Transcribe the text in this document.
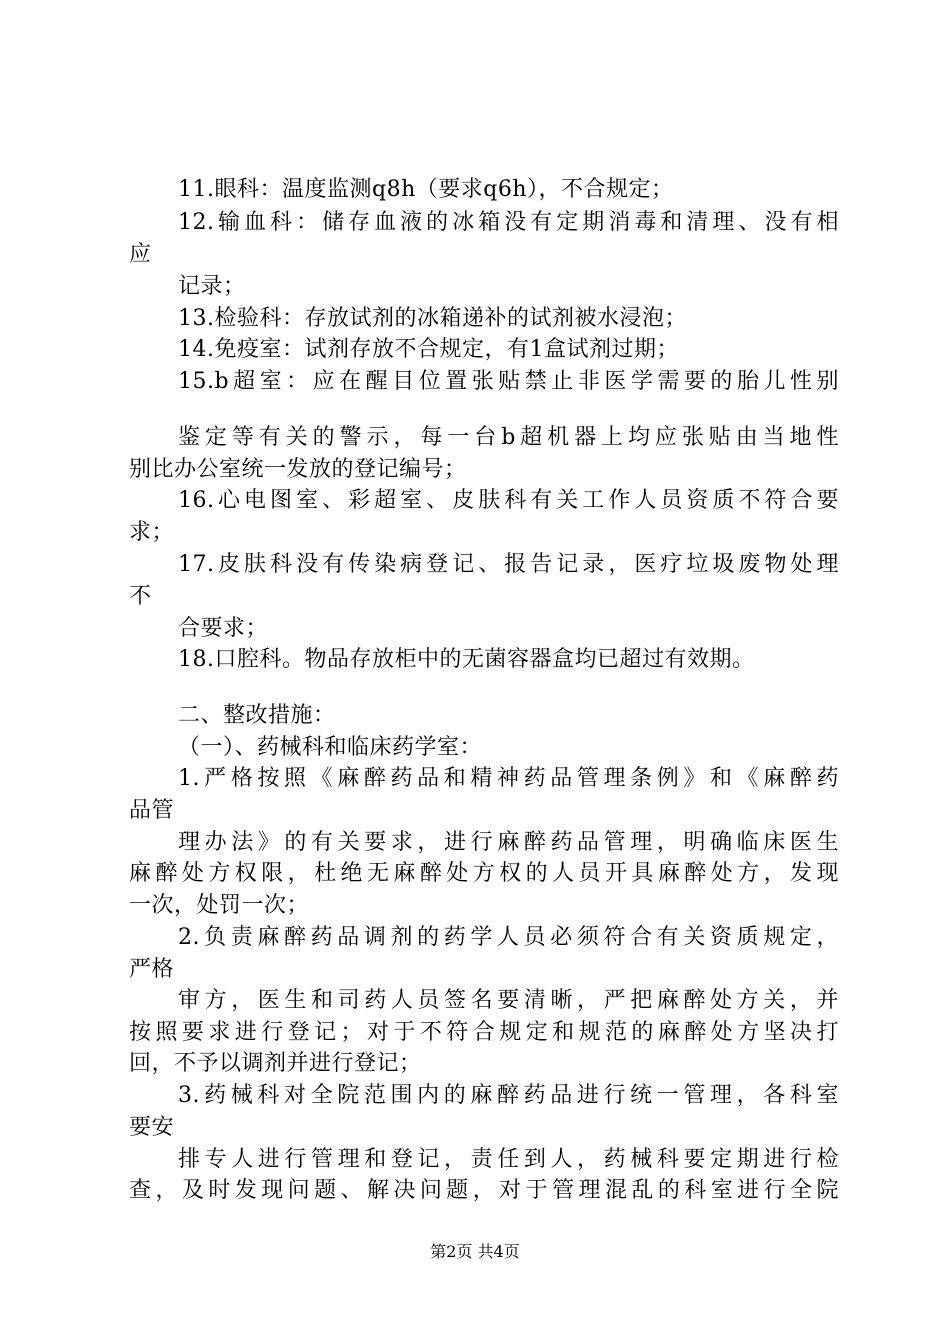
11.眼科：温度监测q8h（要求q6h），不合规定；
12.输血科：储存血液的冰箱没有定期消毒和清理、没有相
应
记录；
13.检验科：存放试剂的冰箱递补的试剂被水浸泡；
14.免疫室：试剂存放不合规定，有1盒试剂过期；
15.b超室：应在醒目位置张贴禁止非医学需要的胎儿性别
鉴定等有关的警示，每一台b超机器上均应张贴由当地性
别比办公室统一发放的登记编号；
16.心电图室、彩超室、皮肤科有关工作人员资质不符合要
求；
17.皮肤科没有传染病登记、报告记录，医疗垃圾废物处理
不
合要求；
18.口腔科。物品存放柜中的无菌容器盒均已超过有效期。
二、整改措施：
（一）、药械科和临床药学室：
1.严格按照《麻醉药品和精神药品管理条例》和《麻醉药
品管
理办法》的有关要求，进行麻醉药品管理，明确临床医生
麻醉处方权限，杜绝无麻醉处方权的人员开具麻醉处方，发现
一次，处罚一次；
2.负责麻醉药品调剂的药学人员必须符合有关资质规定，
严格
审方，医生和司药人员签名要清晰，严把麻醉处方关，并
按照要求进行登记；对于不符合规定和规范的麻醉处方坚决打
回，不予以调剂并进行登记；
3.药械科对全院范围内的麻醉药品进行统一管理，各科室
要安
排专人进行管理和登记，责任到人，药械科要定期进行检
查，及时发现问题、解决问题，对于管理混乱的科室进行全院
第2页 共4页
